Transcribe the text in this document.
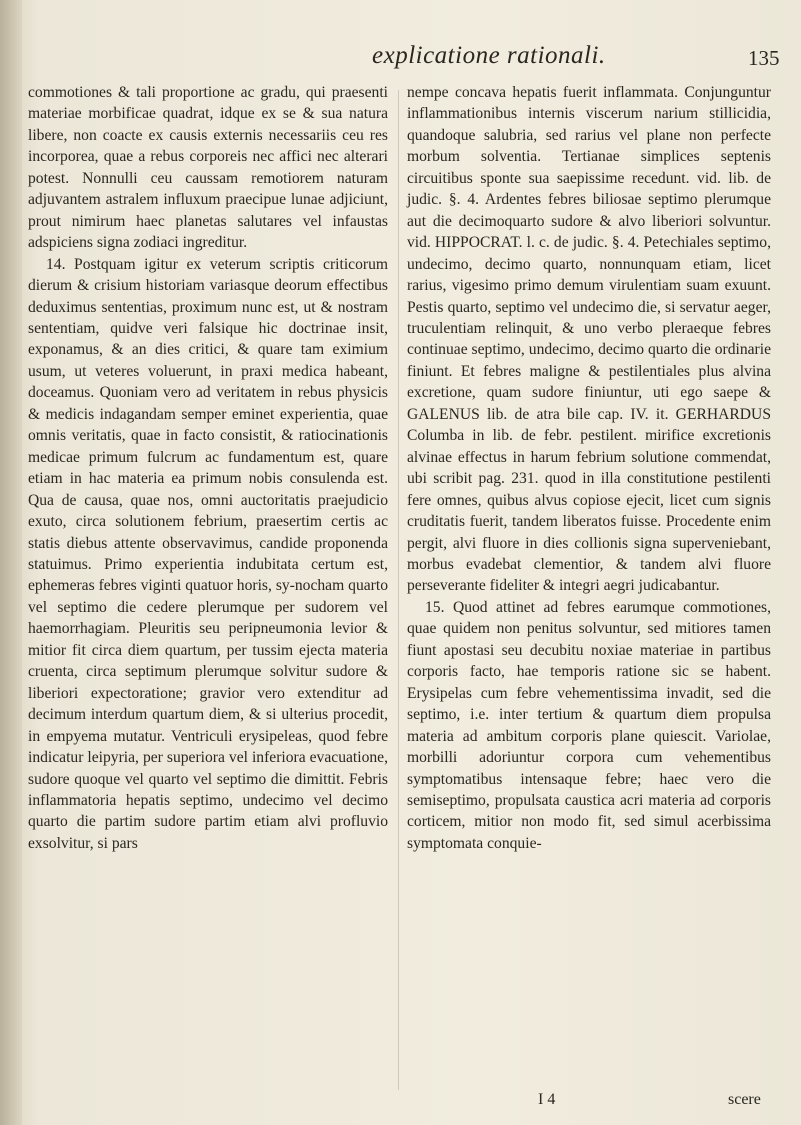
explicatione rationali.	135

commotiones & tali proportione ac gradu, qui praesenti materiae morbificae quadrat, idque ex se & sua natura libere, non coacte ex causis externis necessariis ceu res incorporea, quae a rebus corporeis nec affici nec alterari potest. Nonnulli ceu caussam remotiorem naturam adjuvantem astralem influxum praecipue lunae adjiciunt, prout nimirum haec planetas salutares vel infaustas adspiciens signa zodiaci ingreditur.

14. Postquam igitur ex veterum scriptis criticorum dierum & crisium historiam variasque deorum effectibus deduximus sententias, proximum nunc est, ut & nostram sententiam, quidve veri falsique hic doctrinae insit, exponamus, & an dies critici, & quare tam eximium usum, ut veteres voluerunt, in praxi medica habeant, doceamus. Quoniam vero ad veritatem in rebus physicis & medicis indagandam semper eminet experientia, quae omnis veritatis, quae in facto consistit, & ratiocinationis medicae primum fulcrum ac fundamentum est, quare etiam in hac materia ea primum nobis consulenda est. Qua de causa, quae nos, omni auctoritatis praejudicio exuto, circa solutionem febrium, praesertim certis ac statis diebus attente observavimus, candide proponenda statuimus. Primo experientia indubitata certum est, ephemeras febres viginti quatuor horis, sy-nocham quarto vel septimo die cedere plerumque per sudorem vel haemorrhagiam. Pleuritis seu peripneumonia levior & mitior fit circa diem quartum, per tussim ejecta materia cruenta, circa septimum plerumque solvitur sudore & liberiori expectoratione; gravior vero extenditur ad decimum interdum quartum diem, & si ulterius procedit, in empyema mutatur. Ventriculi erysipeleas, quod febre indicatur leipyria, per superiora vel inferiora evacuatione, sudore quoque vel quarto vel septimo die dimittit. Febris inflammatoria hepatis septimo, undecimo vel decimo quarto die partim sudore partim etiam alvi profluvio exsolvitur, si pars

nempe concava hepatis fuerit inflammata. Conjunguntur inflammationibus internis viscerum narium stillicidia, quandoque salubria, sed rarius vel plane non perfecte morbum solventia. Tertianae simplices septenis circuitibus sponte sua saepissime recedunt. vid. lib. de judic. §. 4. Ardentes febres biliosae septimo plerumque aut die decimoquarto sudore & alvo liberiori solvuntur. vid. HIPPOCRAT. l. c. de judic. §. 4. Petechiales septimo, undecimo, decimo quarto, nonnunquam etiam, licet rarius, vigesimo primo demum virulentiam suam exuunt. Pestis quarto, septimo vel undecimo die, si servatur aeger, truculentiam relinquit, & uno verbo pleraeque febres continuae septimo, undecimo, decimo quarto die ordinarie finiunt. Et febres maligne & pestilentiales plus alvina excretione, quam sudore finiuntur, uti ego saepe & GALENUS lib. de atra bile cap. IV. it. GERHARDUS Columba in lib. de febr. pestilent. mirifice excretionis alvinae effectus in harum febrium solutione commendat, ubi scribit pag. 231. quod in illa constitutione pestilenti fere omnes, quibus alvus copiose ejecit, licet cum signis cruditatis fuerit, tandem liberatos fuisse. Procedente enim pergit, alvi fluore in dies collionis signa superveniebant, morbus evadebat clementior, & tandem alvi fluore perseverante fideliter & integri aegri judicabantur.

15. Quod attinet ad febres earumque commotiones, quae quidem non penitus solvuntur, sed mitiores tamen fiunt apostasi seu decubitu noxiae materiae in partibus corporis facto, hae temporis ratione sic se habent. Erysipelas cum febre vehementissima invadit, sed die septimo, i.e. inter tertium & quartum diem propulsa materia ad ambitum corporis plane quiescit. Variolae, morbilli adoriuntur corpora cum vehementibus symptomatibus intensaque febre; haec vero die semiseptimo, propulsata caustica acri materia ad corporis corticem, mitior non modo fit, sed simul acerbissima symptomata conquie-

I 4	scere
